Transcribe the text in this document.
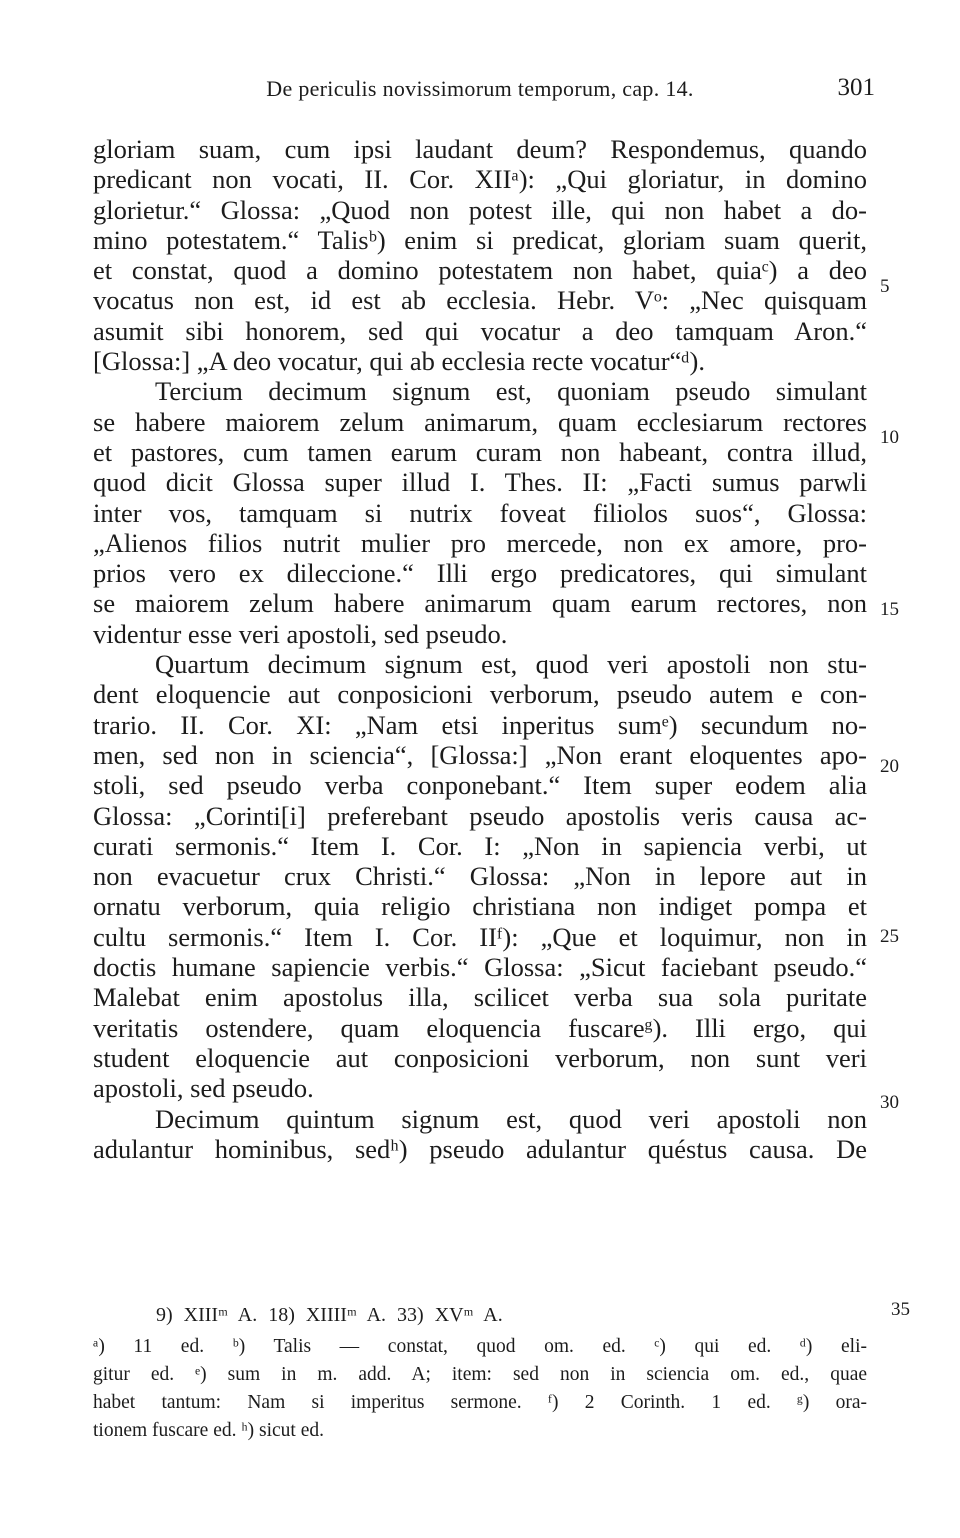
De periculis novissimorum temporum, cap. 14.	301
gloriam suam, cum ipsi laudant deum? Respondemus, quando
predicant non vocati, II. Cor. XIIᵃ): „Qui gloriatur, in domino
glorietur.“ Glossa: „Quod non potest ille, qui non habet a do-
mino potestatem.“ Talisᵇ) enim si predicat, gloriam suam querit,
et constat, quod a domino potestatem non habet, quiaᶜ) a deo
vocatus non est, id est ab ecclesia. Hebr. Vᵒ: „Nec quisquam
asumit sibi honorem, sed qui vocatur a deo tamquam Aron.“
[Glossa:] „A deo vocatur, qui ab ecclesia recte vocatur“ᵈ).
Tercium decimum signum est, quoniam pseudo simulant
se habere maiorem zelum animarum, quam ecclesiarum rectores
et pastores, cum tamen earum curam non habeant, contra illud,
quod dicit Glossa super illud I. Thes. II: „Facti sumus parwli
inter vos, tamquam si nutrix foveat filiolos suos“, Glossa:
„Alienos filios nutrit mulier pro mercede, non ex amore, pro-
prios vero ex dileccione.“ Illi ergo predicatores, qui simulant
se maiorem zelum habere animarum quam earum rectores, non
videntur esse veri apostoli, sed pseudo.
Quartum decimum signum est, quod veri apostoli non stu-
dent eloquencie aut conposicioni verborum, pseudo autem e con-
trario. II. Cor. XI: „Nam etsi inperitus sumᵉ) secundum no-
men, sed non in sciencia“, [Glossa:] „Non erant eloquentes apo-
stoli, sed pseudo verba conponebant.“ Item super eodem alia
Glossa: „Corinti[i] preferebant pseudo apostolis veris causa ac-
curati sermonis.“ Item I. Cor. I: „Non in sapiencia verbi, ut
non evacuetur crux Christi.“ Glossa: „Non in lepore aut in
ornatu verborum, quia religio christiana non indiget pompa et
cultu sermonis.“ Item I. Cor. IIᶠ): „Que et loquimur, non in
doctis humane sapiencie verbis.“ Glossa: „Sicut faciebant pseudo.“
Malebat enim apostolus illa, scilicet verba sua sola puritate
veritatis ostendere, quam eloquencia fuscareᵍ). Illi ergo, qui
student eloquencie aut conposicioni verborum, non sunt veri
apostoli, sed pseudo.
Decimum quintum signum est, quod veri apostoli non
adulantur hominibus, sedʰ) pseudo adulantur quéstus causa. De
5
10
15
20
25
30
35
9) XIIIᵐ A. 18) XIIIIᵐ A. 33) XVᵐ A.
ᵃ) 11 ed. ᵇ) Talis — constat, quod om. ed. ᶜ) qui ed. ᵈ) eli-
gitur ed. ᵉ) sum in m. add. A; item: sed non in sciencia om. ed., quae
habet tantum: Nam si imperitus sermone. ᶠ) 2 Corinth. 1 ed. ᵍ) ora-
tionem fuscare ed. ʰ) sicut ed.
